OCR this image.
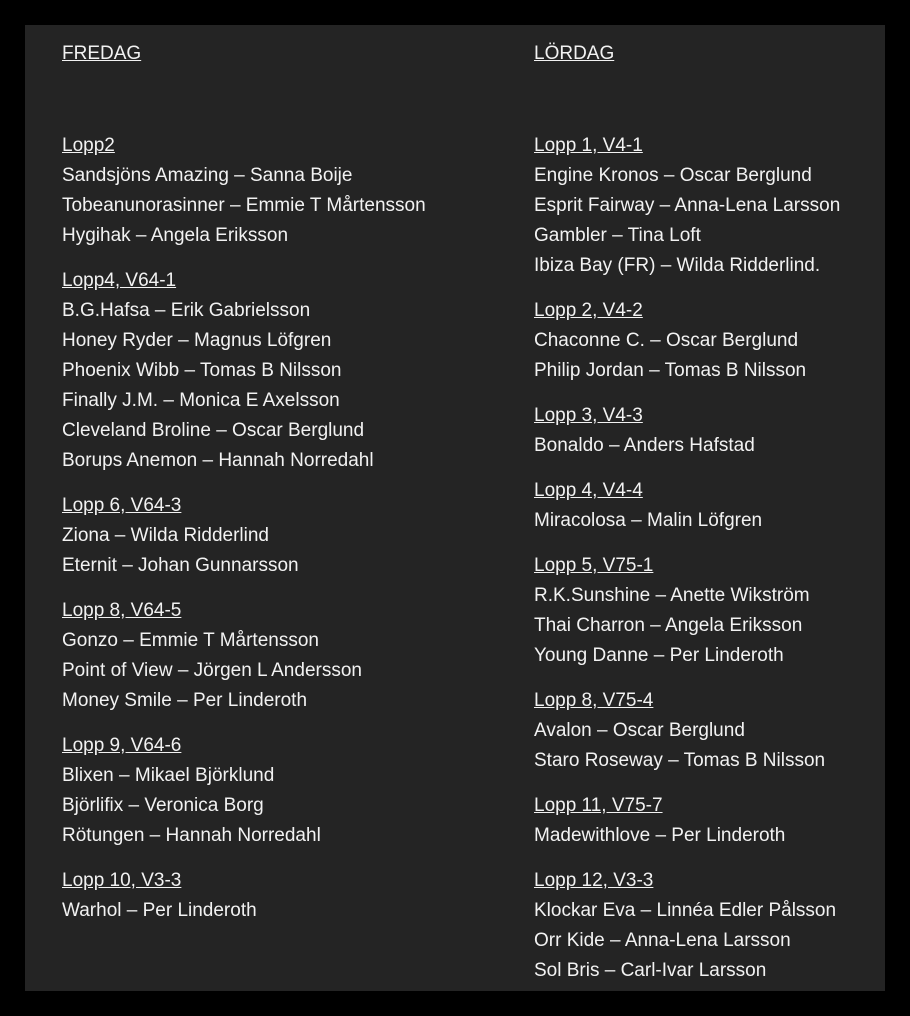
FREDAG
Lopp2
Sandsjöns Amazing – Sanna Boije
Tobeanunorasinner – Emmie T Mårtensson
Hygihak – Angela Eriksson
Lopp4, V64-1
B.G.Hafsa – Erik Gabrielsson
Honey Ryder – Magnus Löfgren
Phoenix Wibb – Tomas B Nilsson
Finally J.M. – Monica E Axelsson
Cleveland Broline – Oscar Berglund
Borups Anemon – Hannah Norredahl
Lopp 6, V64-3
Ziona – Wilda Ridderlind
Eternit – Johan Gunnarsson
Lopp 8, V64-5
Gonzo – Emmie T Mårtensson
Point of View – Jörgen L Andersson
Money Smile – Per Linderoth
Lopp 9, V64-6
Blixen – Mikael Björklund
Björlifix – Veronica Borg
Rötungen – Hannah Norredahl
Lopp 10, V3-3
Warhol – Per Linderoth
LÖRDAG
Lopp 1, V4-1
Engine Kronos – Oscar Berglund
Esprit Fairway – Anna-Lena Larsson
Gambler – Tina Loft
Ibiza Bay (FR) – Wilda Ridderlind.
Lopp 2, V4-2
Chaconne C. – Oscar Berglund
Philip Jordan – Tomas B Nilsson
Lopp 3, V4-3
Bonaldo – Anders Hafstad
Lopp 4, V4-4
Miracolosa – Malin Löfgren
Lopp 5, V75-1
R.K.Sunshine – Anette Wikström
Thai Charron – Angela Eriksson
Young Danne – Per Linderoth
Lopp 8, V75-4
Avalon – Oscar Berglund
Staro Roseway – Tomas B Nilsson
Lopp 11, V75-7
Madewithlove – Per Linderoth
Lopp 12, V3-3
Klockar Eva – Linnéa Edler Pålsson
Orr Kide – Anna-Lena Larsson
Sol Bris – Carl-Ivar Larsson
